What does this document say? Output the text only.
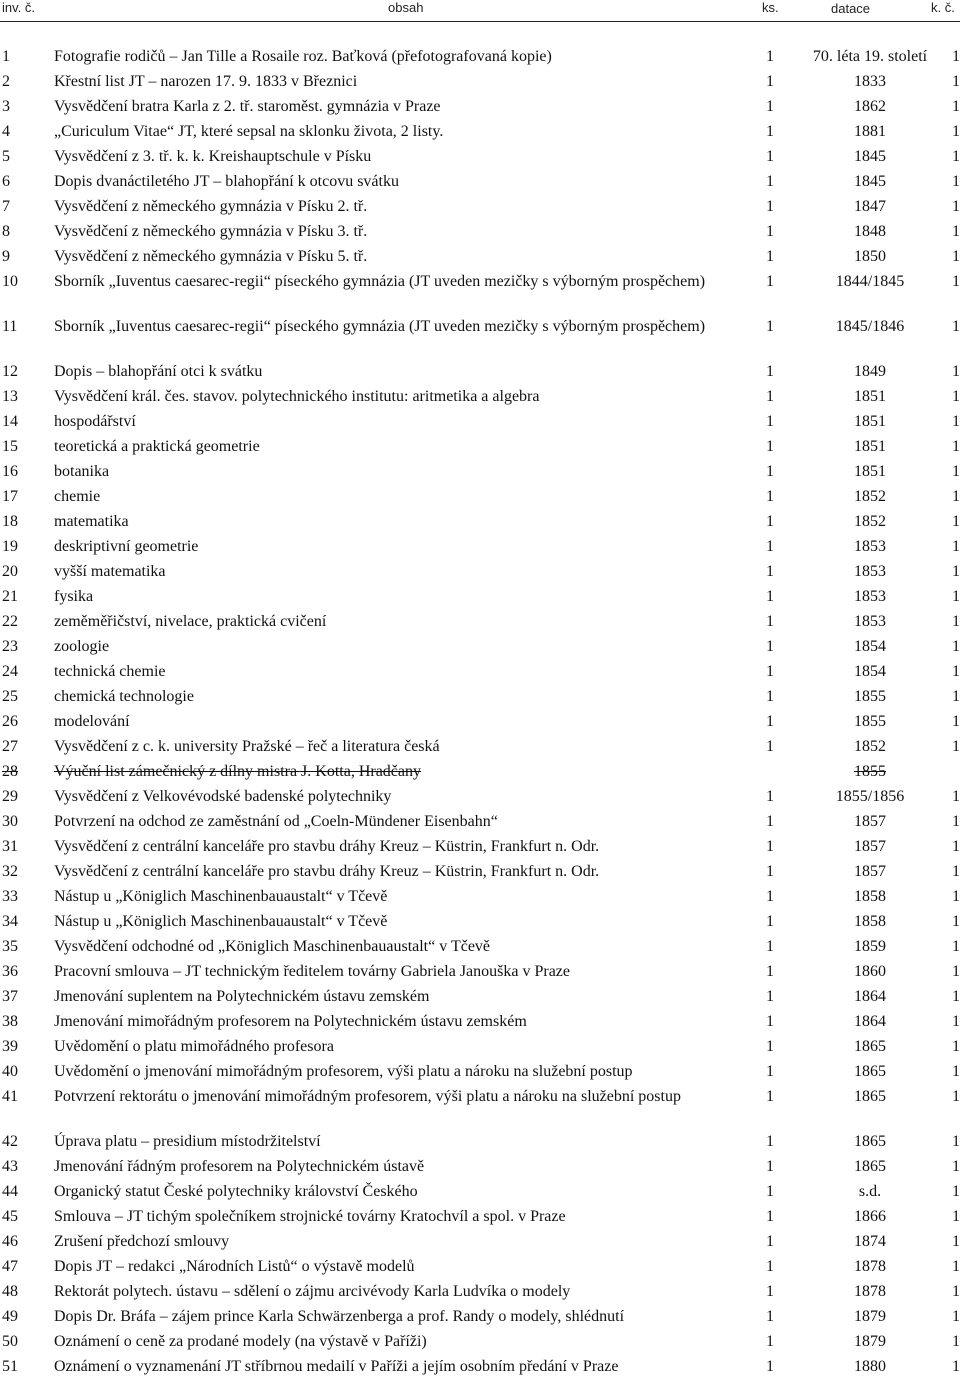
inv. č.	obsah	ks.	datace	k. č.
1	Fotografie rodičů – Jan Tille a Rosaile roz. Baťková (přefotografovaná kopie)	1	70. léta 19. století	1
2	Křestní list JT – narozen 17. 9. 1833 v Březnici	1	1833	1
3	Vysvědčení bratra Karla z 2. tř. staroměst. gymnázia v Praze	1	1862	1
4	„Curiculum Vitae“ JT, které sepsal na sklonku života, 2 listy.	1	1881	1
5	Vysvědčení z 3. tř. k. k. Kreishauptschule v Písku	1	1845	1
6	Dopis dvanáctiletého JT – blahopřání k otcovu svátku	1	1845	1
7	Vysvědčení z německého gymnázia v Písku 2. tř.	1	1847	1
8	Vysvědčení z německého gymnázia v Písku 3. tř.	1	1848	1
9	Vysvědčení z německého gymnázia v Písku 5. tř.	1	1850	1
10	Sborník „Iuventus caesarec-regii“ píseckého gymnázia (JT uveden mezičky s výborným prospěchem)	1	1844/1845	1
11	Sborník „Iuventus caesarec-regii“ píseckého gymnázia (JT uveden mezičky s výborným prospěchem)	1	1845/1846	1
12	Dopis – blahopřání otci k svátku	1	1849	1
13	Vysvědčení král. čes. stavov. polytechnického institutu: aritmetika a algebra	1	1851	1
14	hospodářství	1	1851	1
15	teoretická a praktická geometrie	1	1851	1
16	botanika	1	1851	1
17	chemie	1	1852	1
18	matematika	1	1852	1
19	deskriptivní geometrie	1	1853	1
20	vyšší matematika	1	1853	1
21	fysika	1	1853	1
22	zeměměřičství, nivelace, praktická cvičení	1	1853	1
23	zoologie	1	1854	1
24	technická chemie	1	1854	1
25	chemická technologie	1	1855	1
26	modelování	1	1855	1
27	Vysvědčení z c. k. university Pražské – řeč a literatura česká	1	1852	1
28	Výuční list zámečnický z dílny mistra J. Kotta, Hradčany		1855	
29	Vysvědčení z Velkovévodské badenské polytechniky	1	1855/1856	1
30	Potvrzení na odchod ze zaměstnání od „Coeln-Mündener Eisenbahn“	1	1857	1
31	Vysvědčení z centrální kanceláře pro stavbu dráhy Kreuz – Küstrin, Frankfurt n. Odr.	1	1857	1
32	Vysvědčení z centrální kanceláře pro stavbu dráhy Kreuz – Küstrin, Frankfurt n. Odr.	1	1857	1
33	Nástup u „Königlich Maschinenbauaustalt“ v Tčevě	1	1858	1
34	Nástup u „Königlich Maschinenbauaustalt“ v Tčevě	1	1858	1
35	Vysvědčení odchodné od „Königlich Maschinenbauaustalt“ v Tčevě	1	1859	1
36	Pracovní smlouva – JT technickým ředitelem továrny Gabriela Janouška v Praze	1	1860	1
37	Jmenování suplentem na Polytechnickém ústavu zemském	1	1864	1
38	Jmenování mimořádným profesorem na Polytechnickém ústavu zemském	1	1864	1
39	Uvědomění o platu mimořádného profesora	1	1865	1
40	Uvědomění o jmenování mimořádným profesorem, výši platu a nároku na služební postup	1	1865	1
41	Potvrzení rektorátu o jmenování mimořádným profesorem, výši platu a nároku na služební postup	1	1865	1
42	Úprava platu – presidium místodržitelství	1	1865	1
43	Jmenování řádným profesorem na Polytechnickém ústavě	1	1865	1
44	Organický statut České polytechniky království Českého	1	s.d.	1
45	Smlouva – JT tichým společníkem strojnické továrny Kratochvíl a spol. v Praze	1	1866	1
46	Zrušení předchozí smlouvy	1	1874	1
47	Dopis JT – redakci „Národních Listů“ o výstavě modelů	1	1878	1
48	Rektorát polytech. ústavu – sdělení o zájmu arcivévody Karla Ludvíka o modely	1	1878	1
49	Dopis Dr. Bráfa – zájem prince Karla Schwärzenberga a prof. Randy o modely, shlédnutí	1	1879	1
50	Oznámení o ceně za prodané modely (na výstavě v Paříži)	1	1879	1
51	Oznámení o vyznamenání JT stříbrnou medailí v Paříži a jejím osobním předání v Praze	1	1880	1
